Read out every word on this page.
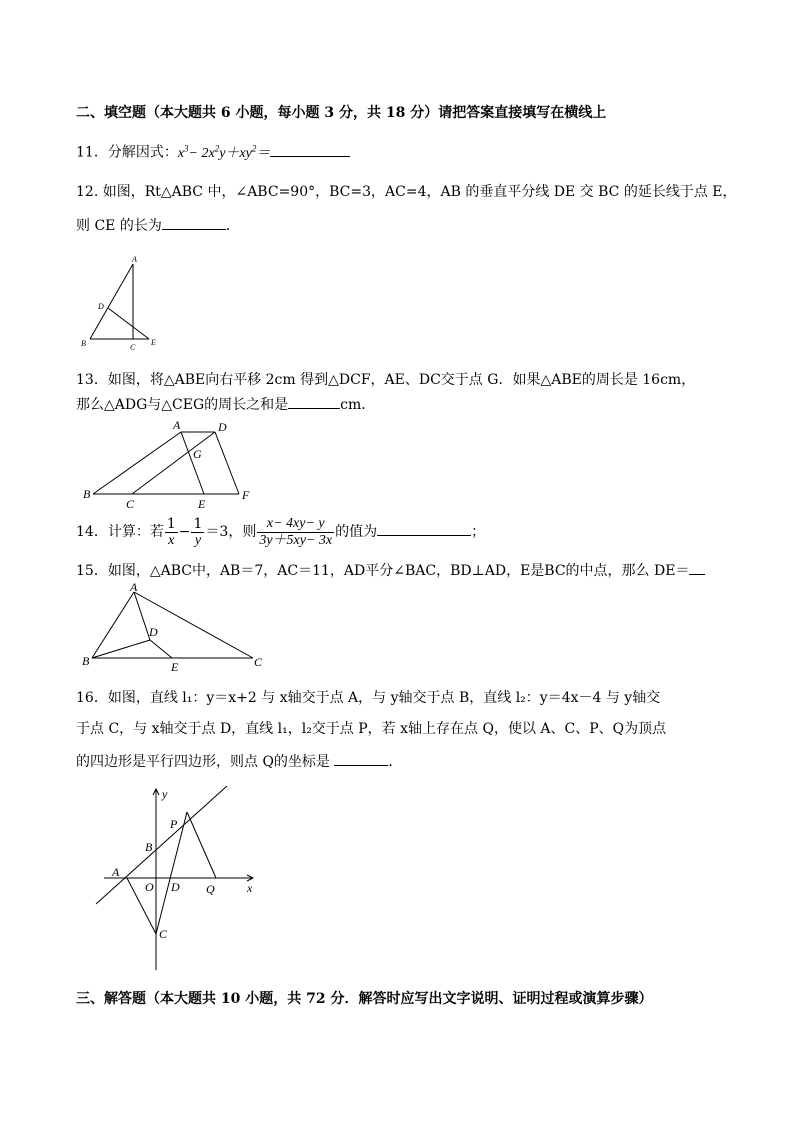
二、填空题（本大题共 6 小题，每小题 3 分，共 18 分）请把答案直接填写在横线上
11．分解因式：$x^3- 2x^2y+xy^2=$
12. 如图，Rt△ABC 中，∠ABC=90°，BC=3，AC=4，AB 的垂直平分线 DE 交 BC 的延长线于点 E，
则 CE 的长为	．
A
D
B	C
E
13．如图，将△ABE向右平移 2cm 得到△DCF，AE、DC交于点 G．如果△ABE的周长是 16cm，
那么△ADG与△CEG的周长之和是	cm．
A	D
G
B
C	E
F
14．计算：若 $\frac{1}{x} - \frac{1}{y} =3$，则 $\frac{x- 4xy- y}{3y+5xy- 3x}$ 的值为	；
15．如图，△ABC中，AB＝7，AC＝11，AD平分∠BAC，BD⊥AD，E是BC的中点，那么 DE＝
A
D
B	E	C
16．如图，直线 l₁：y＝x+2 与 x轴交于点 A，与 y轴交于点 B，直线 l₂：y＝4x－4 与 y轴交
于点 C，与 x轴交于点 D，直线 l₁，l₂交于点 P，若 x轴上存在点 Q，使以 A、C、P、Q为顶点
的四边形是平行四边形，则点 Q的坐标是	．
y
P
B
A
O D Q	x
C
三、解答题（本大题共 10 小题，共 72 分．解答时应写出文字说明、证明过程或演算步骤）
